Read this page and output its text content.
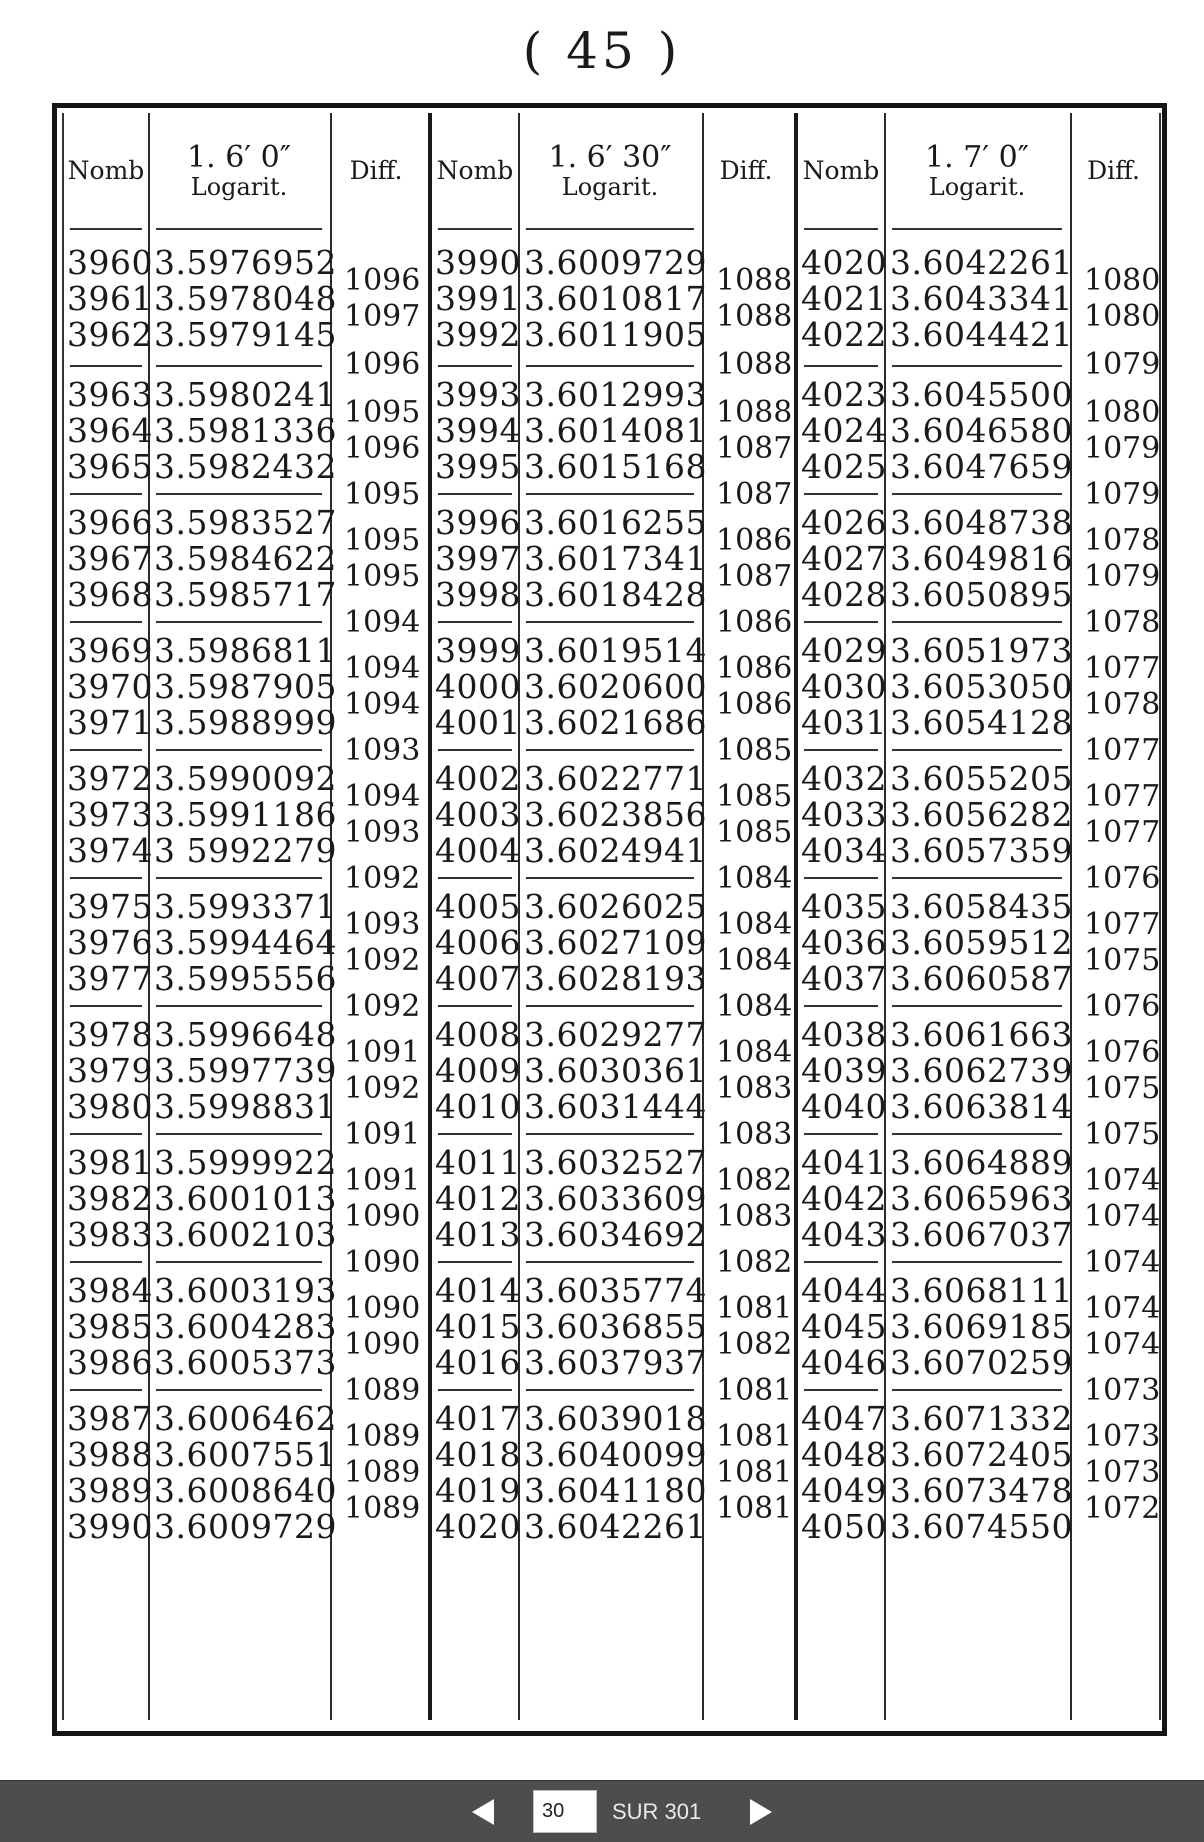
( 45 )
Nomb 1. 6′ 0″
Logarit.
Diff.
3960 3.5976952
3961 3.5978048
3962 3.5979145
3963 3.5980241
3964 3.5981336
3965 3.5982432
3966 3.5983527
3967 3.5984622
3968 3.5985717
3969 3.5986811
3970 3.5987905
3971 3.5988999
3972 3.5990092
3973 3.5991186
3974 3 5992279
3975 3.5993371
3976 3.5994464
3977 3.5995556
3978 3.5996648
3979 3.5997739
3980 3.5998831
3981 3.5999922
3982 3.6001013
3983 3.6002103
3984 3.6003193
3985 3.6004283
3986 3.6005373
3987 3.6006462
3988 3.6007551
3989 3.6008640
3990 3.6009729
1096
1097
1096
1095
1096
1095
1095
1095
1094
1094
1094
1093
1094
1093
1092
1093
1092
1092
1091
1092
1091
1091
1090
1090
1090
1090
1089
1089
1089
1089
Nomb 1. 6′ 30″
Logarit.
Diff.
3990 3.6009729
3991 3.6010817
3992 3.6011905
3993 3.6012993
3994 3.6014081
3995 3.6015168
3996 3.6016255
3997 3.6017341
3998 3.6018428
3999 3.6019514
4000 3.6020600
4001 3.6021686
4002 3.6022771
4003 3.6023856
4004 3.6024941
4005 3.6026025
4006 3.6027109
4007 3.6028193
4008 3.6029277
4009 3.6030361
4010 3.6031444
4011 3.6032527
4012 3.6033609
4013 3.6034692
4014 3.6035774
4015 3.6036855
4016 3.6037937
4017 3.6039018
4018 3.6040099
4019 3.6041180
4020 3.6042261
1088
1088
1088
1088
1087
1087
1086
1087
1086
1086
1086
1085
1085
1085
1084
1084
1084
1084
1084
1083
1083
1082
1083
1082
1081
1082
1081
1081
1081
1081
Nomb 1. 7′ 0″
Logarit.
Diff.
4020 3.6042261
4021 3.6043341
4022 3.6044421
4023 3.6045500
4024 3.6046580
4025 3.6047659
4026 3.6048738
4027 3.6049816
4028 3.6050895
4029 3.6051973
4030 3.6053050
4031 3.6054128
4032 3.6055205
4033 3.6056282
4034 3.6057359
4035 3.6058435
4036 3.6059512
4037 3.6060587
4038 3.6061663
4039 3.6062739
4040 3.6063814
4041 3.6064889
4042 3.6065963
4043 3.6067037
4044 3.6068111
4045 3.6069185
4046 3.6070259
4047 3.6071332
4048 3.6072405
4049 3.6073478
4050 3.6074550
1080
1080
1079
1080
1079
1079
1078
1079
1078
1077
1078
1077
1077
1077
1076
1077
1075
1076
1076
1075
1075
1074
1074
1074
1074
1074
1073
1073
1073
1072
30
SUR 301
